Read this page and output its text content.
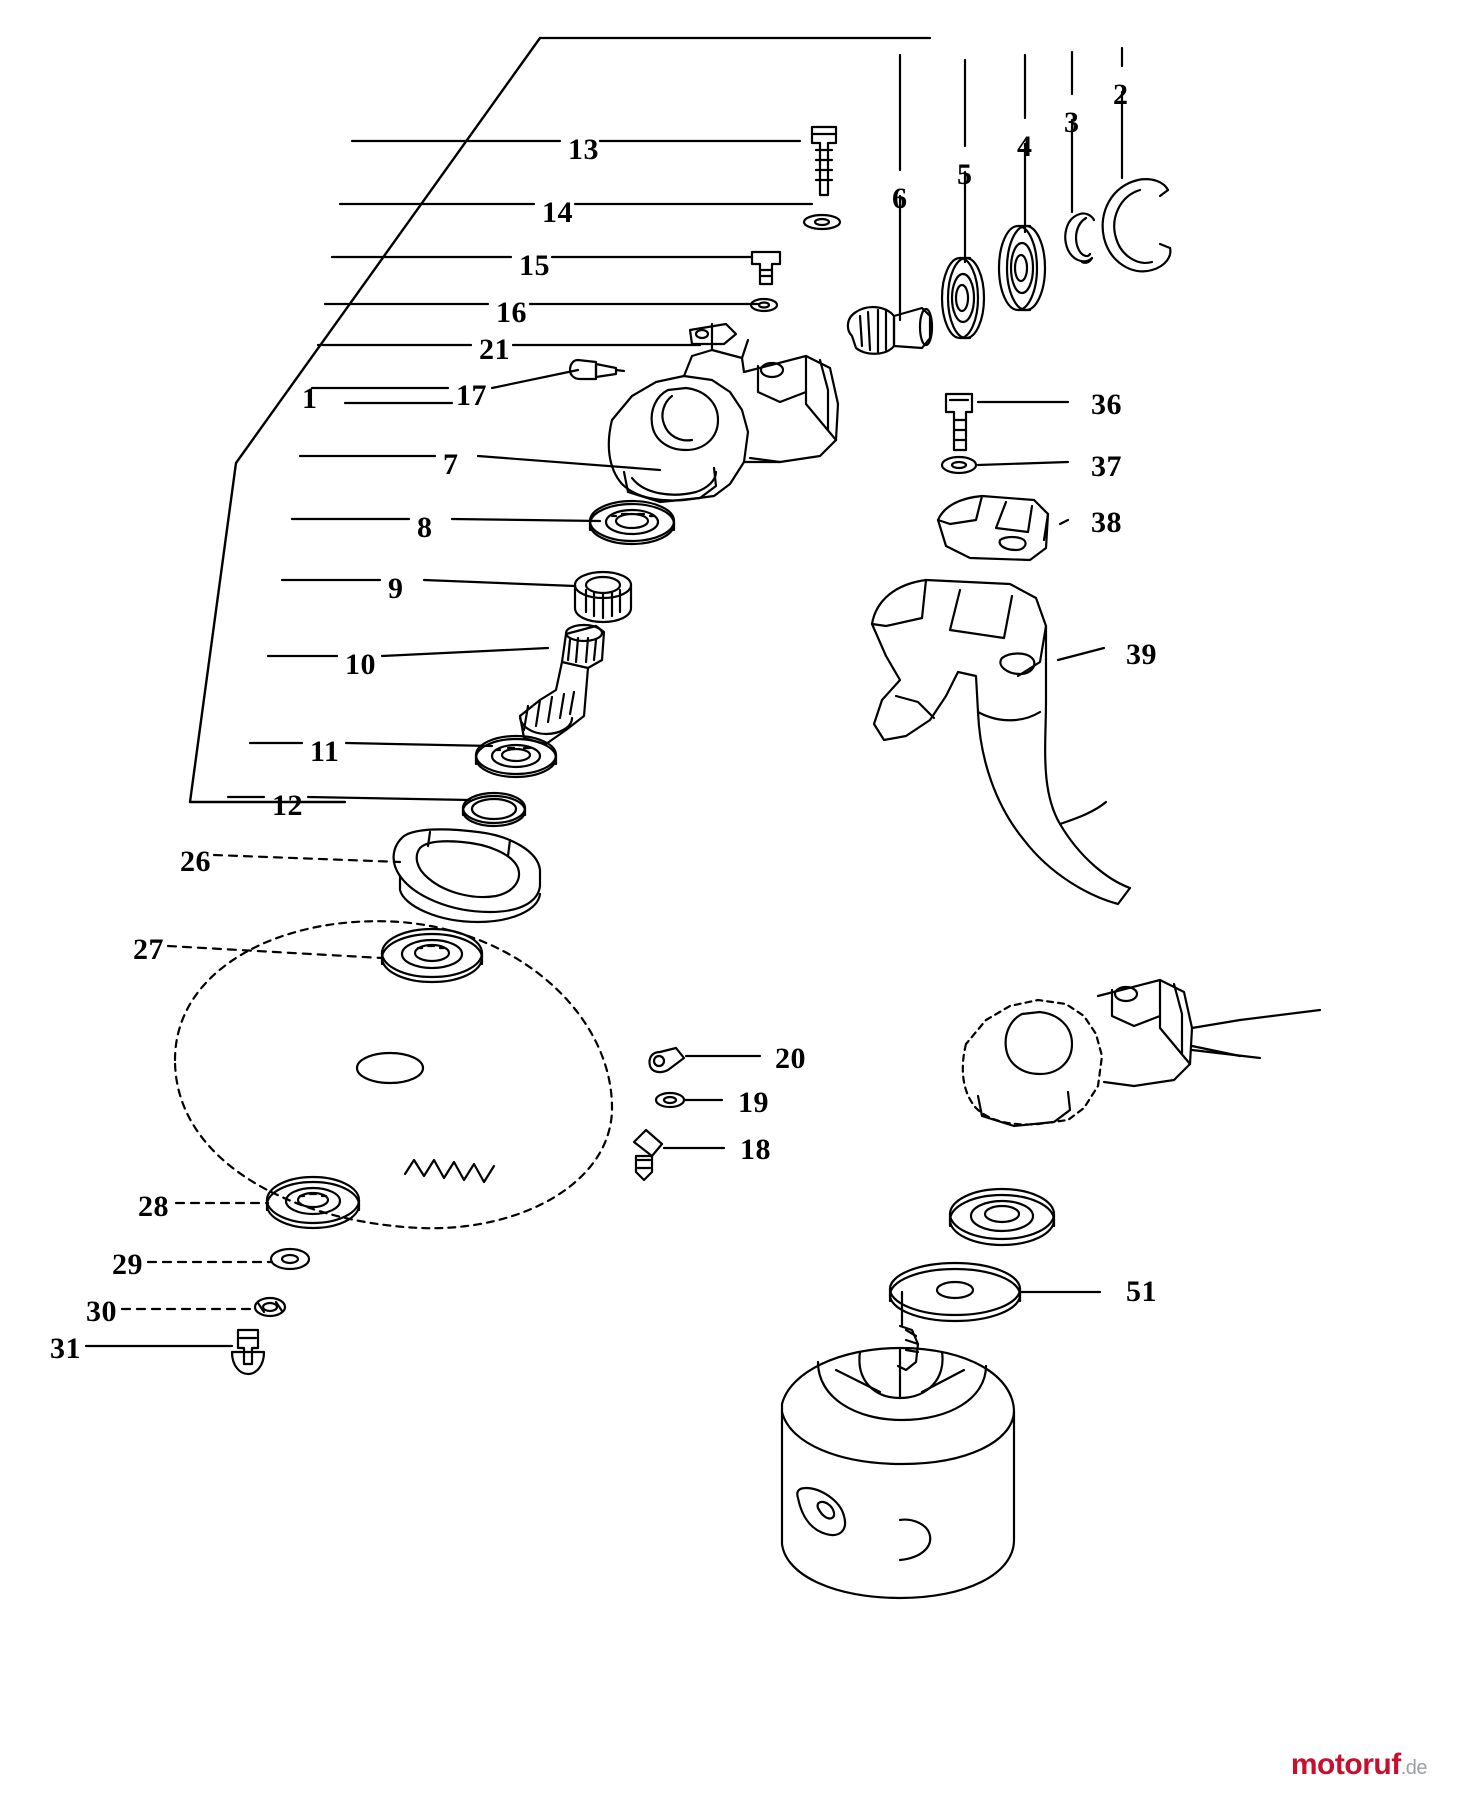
1
2
3
4
5
6
7
8
9
10
11
12
13
14
15
16
17
18
19
20
21
26
27
28
29
30
31
36
37
38
39
51
motoruf.de
